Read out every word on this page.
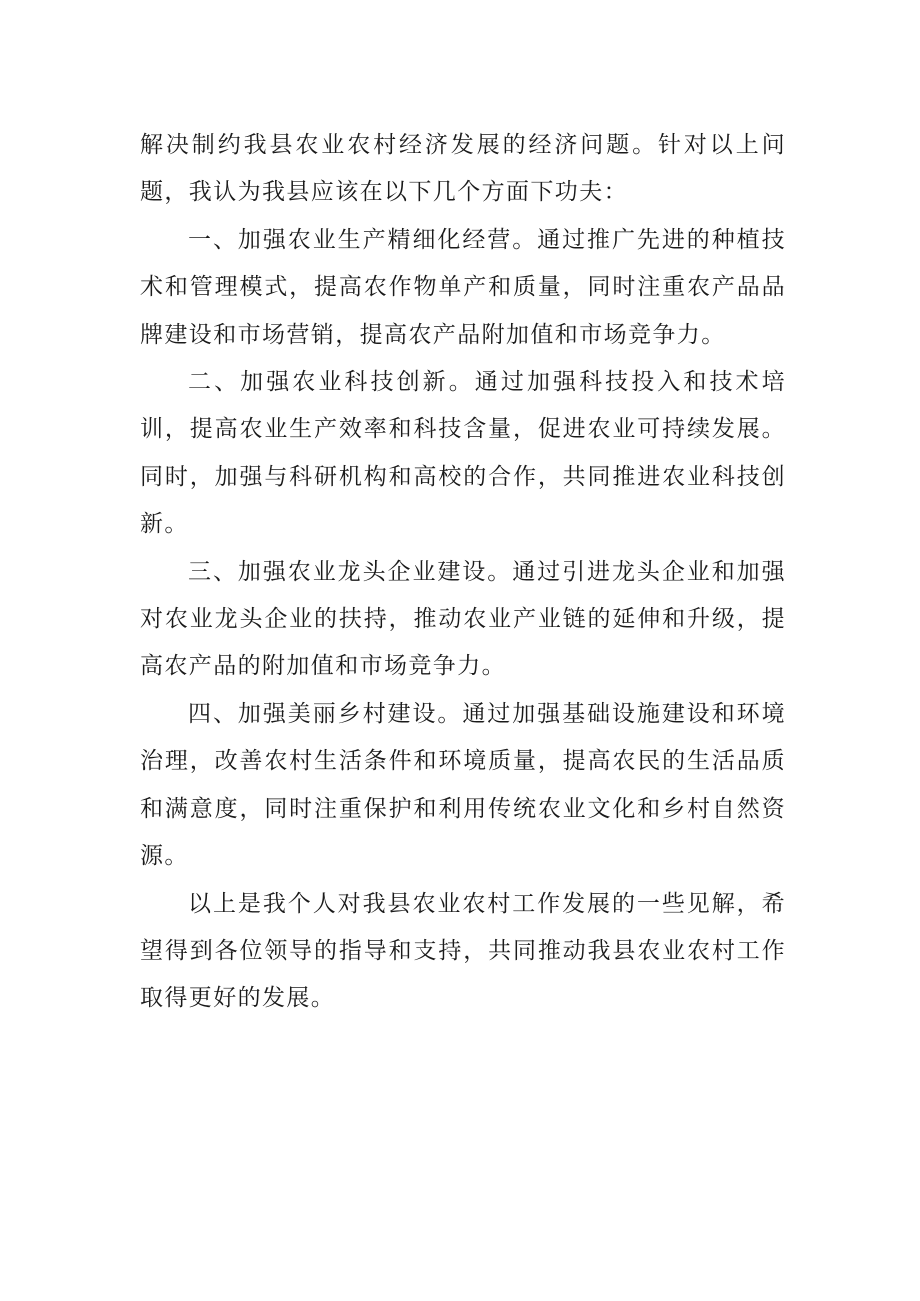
解决制约我县农业农村经济发展的经济问题。针对以上问题，我认为我县应该在以下几个方面下功夫：

一、加强农业生产精细化经营。通过推广先进的种植技术和管理模式，提高农作物单产和质量，同时注重农产品品牌建设和市场营销，提高农产品附加值和市场竞争力。

二、加强农业科技创新。通过加强科技投入和技术培训，提高农业生产效率和科技含量，促进农业可持续发展。同时，加强与科研机构和高校的合作，共同推进农业科技创新。

三、加强农业龙头企业建设。通过引进龙头企业和加强对农业龙头企业的扶持，推动农业产业链的延伸和升级，提高农产品的附加值和市场竞争力。

四、加强美丽乡村建设。通过加强基础设施建设和环境治理，改善农村生活条件和环境质量，提高农民的生活品质和满意度，同时注重保护和利用传统农业文化和乡村自然资源。

以上是我个人对我县农业农村工作发展的一些见解，希望得到各位领导的指导和支持，共同推动我县农业农村工作取得更好的发展。
